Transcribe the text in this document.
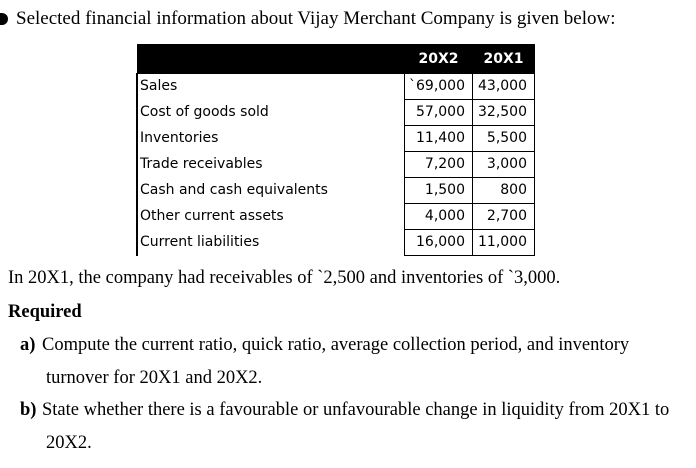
Selected financial information about Vijay Merchant Company is given below:
	20X2	20X1
Sales	`69,000	43,000
Cost of goods sold	57,000	32,500
Inventories	11,400	5,500
Trade receivables	7,200	3,000
Cash and cash equivalents	1,500	800
Other current assets	4,000	2,700
Current liabilities	16,000	11,000
In 20X1, the company had receivables of `2,500 and inventories of `3,000.
Required
a) Compute the current ratio, quick ratio, average collection period, and inventory
turnover for 20X1 and 20X2.
b) State whether there is a favourable or unfavourable change in liquidity from 20X1 to
20X2.
